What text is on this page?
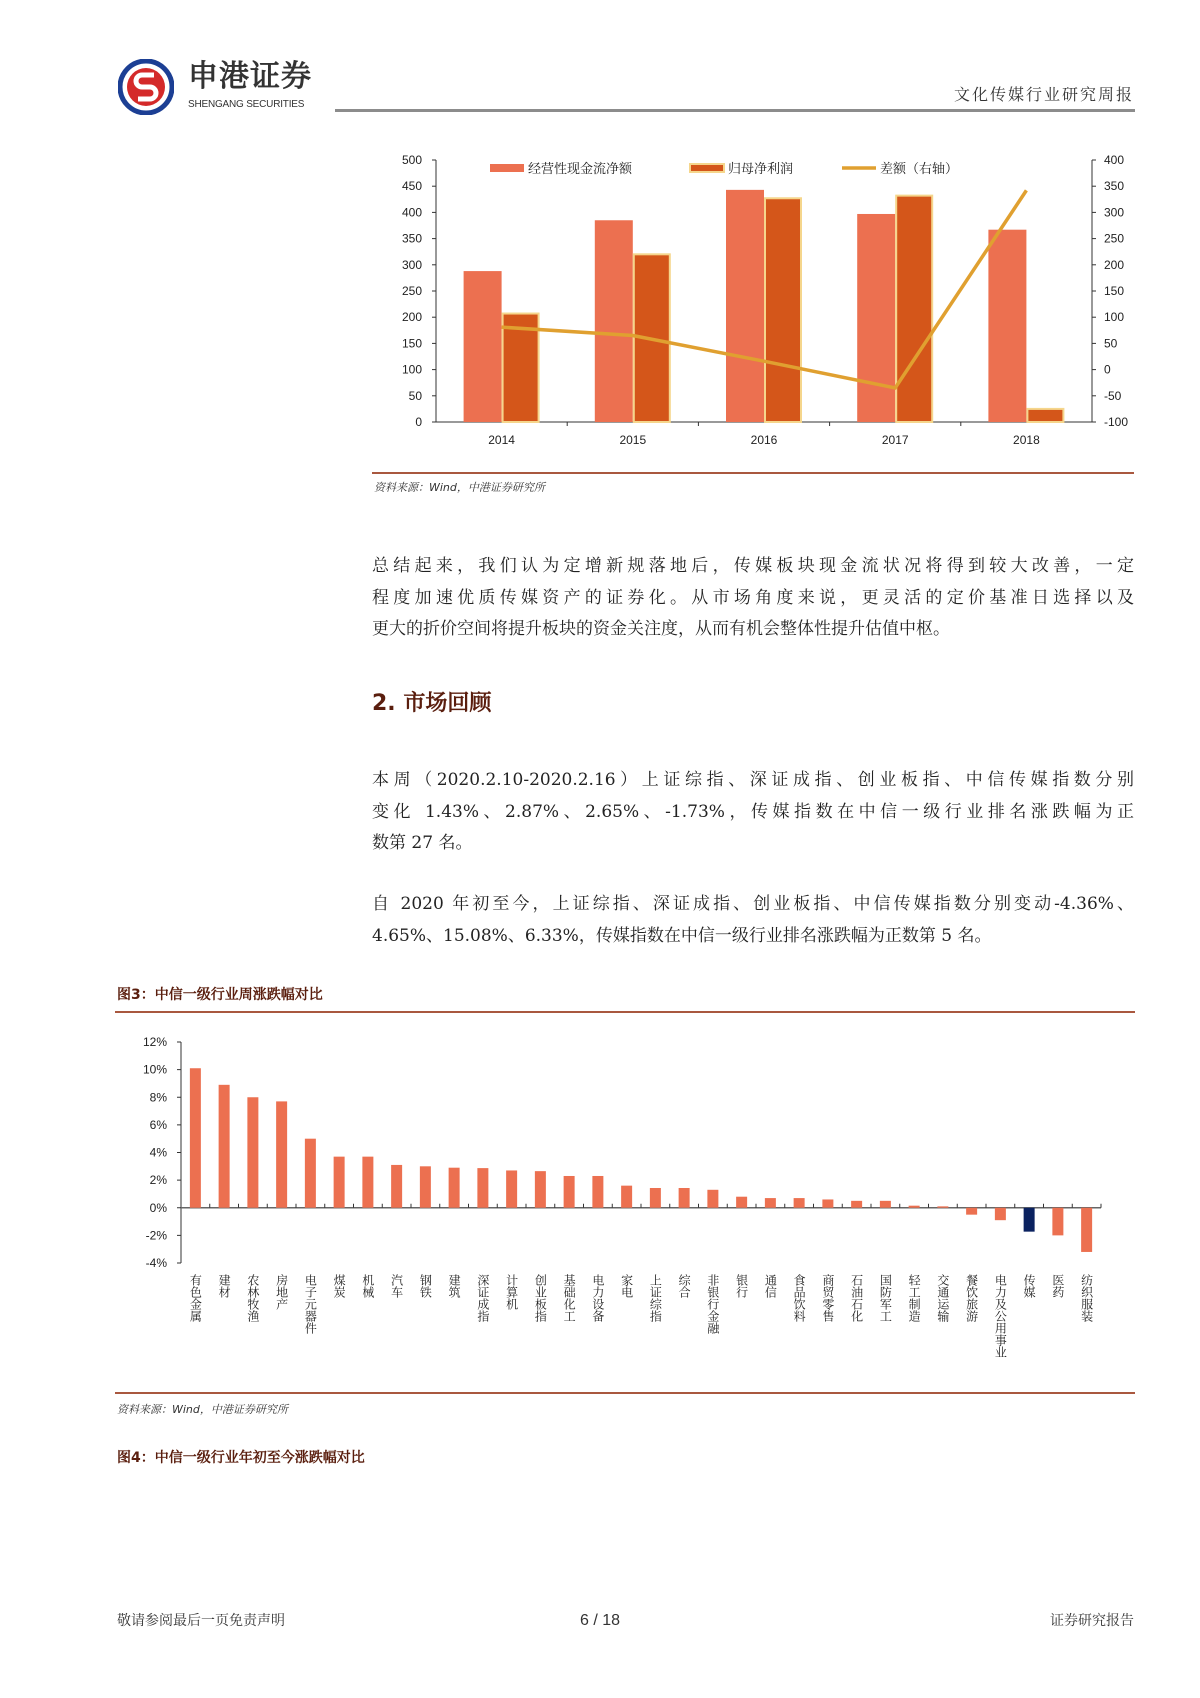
申港证券
SHENGANG SECURITIES
文化传媒行业研究周报
0
50
100
150
200
250
300
350
400
450
500
-100
-50
0
50
100
150
200
250
300
350
400
2014	2015	2016	2017	2018
经营性现金流净额	归母净利润	差额（右轴）
资料来源：Wind，中港证券研究所
总结起来，我们认为定增新规落地后，传媒板块现金流状况将得到较大改善，一定
程度加速优质传媒资产的证券化。从市场角度来说，更灵活的定价基准日选择以及
更大的折价空间将提升板块的资金关注度，从而有机会整体性提升估值中枢。
2. 市场回顾
本周（2020.2.10-2020.2.16）上证综指、深证成指、创业板指、中信传媒指数分别
变化 1.43%、2.87%、2.65%、-1.73%，传媒指数在中信一级行业排名涨跌幅为正
数第 27 名。
自 2020 年初至今，上证综指、深证成指、创业板指、中信传媒指数分别变动-4.36%、
4.65%、15.08%、6.33%，传媒指数在中信一级行业排名涨跌幅为正数第 5 名。
图3：中信一级行业周涨跌幅对比
-4%
-2%
0%
2%
4%
6%
8%
10%
12%
有色金属 建材 农林牧渔 房地产 电子元器件 煤炭 机械 汽车 钢铁 建筑 深证成指 计算机 创业板指 基础化工 电力设备 家电 上证综指 综合 非银行金融 银行 通信 食品饮料 商贸零售 石油石化 国防军工 轻工制造 交通运输 餐饮旅游 电力及公用事业 传媒 医药 纺织服装
资料来源：Wind，中港证券研究所
图4：中信一级行业年初至今涨跌幅对比
敬请参阅最后一页免责声明	6 / 18	证券研究报告
